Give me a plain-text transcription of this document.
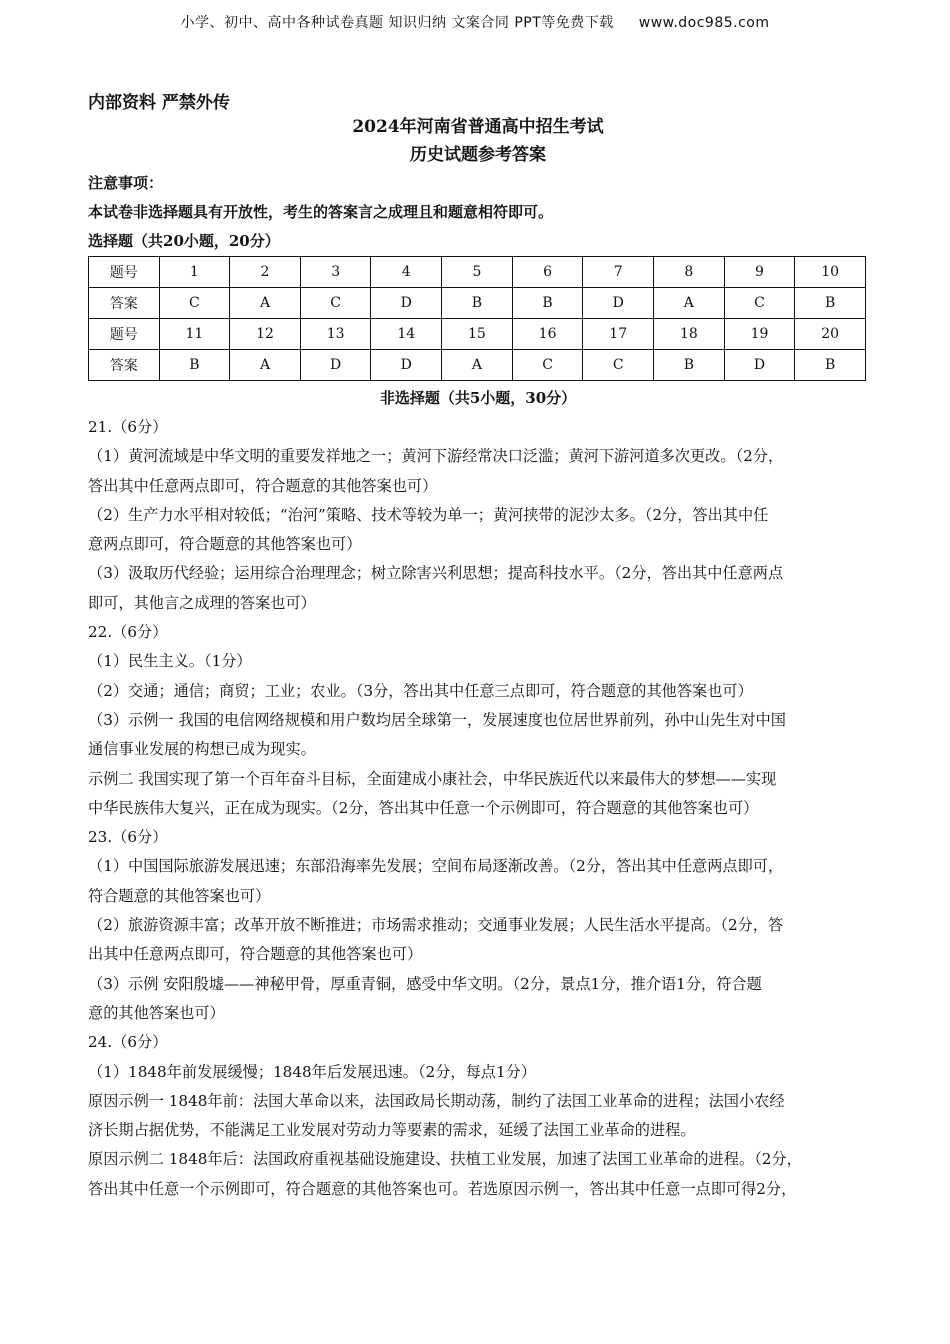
小学、初中、高中各种试卷真题 知识归纳 文案合同 PPT等免费下载 www.doc985.com

内部资料 严禁外传

2024年河南省普通高中招生考试
历史试题参考答案
注意事项：
本试卷非选择题具有开放性，考生的答案言之成理且和题意相符即可。
选择题（共20小题，20分）
题号	1	2	3	4	5	6	7	8	9	10
答案	C	A	C	D	B	B	D	A	C	B
题号	11	12	13	14	15	16	17	18	19	20
答案	B	A	D	D	A	C	C	B	D	B
非选择题（共5小题，30分）

21.（6分）

（1）黄河流域是中华文明的重要发祥地之一；黄河下游经常决口泛滥；黄河下游河道多次更改。（2分，

答出其中任意两点即可，符合题意的其他答案也可）

（2）生产力水平相对较低；“治河”策略、技术等较为单一；黄河挟带的泥沙太多。（2分，答出其中任

意两点即可，符合题意的其他答案也可）

（3）汲取历代经验；运用综合治理理念；树立除害兴利思想；提高科技水平。（2分，答出其中任意两点

即可，其他言之成理的答案也可）

22.（6分）

（1）民生主义。（1分）

（2）交通；通信；商贸；工业；农业。（3分，答出其中任意三点即可，符合题意的其他答案也可）

（3）示例一 我国的电信网络规模和用户数均居全球第一，发展速度也位居世界前列，孙中山先生对中国

通信事业发展的构想已成为现实。

示例二 我国实现了第一个百年奋斗目标，全面建成小康社会，中华民族近代以来最伟大的梦想——实现

中华民族伟大复兴，正在成为现实。（2分，答出其中任意一个示例即可，符合题意的其他答案也可）

23.（6分）

（1）中国国际旅游发展迅速；东部沿海率先发展；空间布局逐渐改善。（2分，答出其中任意两点即可，

符合题意的其他答案也可）

（2）旅游资源丰富；改革开放不断推进；市场需求推动；交通事业发展；人民生活水平提高。（2分，答

出其中任意两点即可，符合题意的其他答案也可）

（3）示例 安阳殷墟——神秘甲骨，厚重青铜，感受中华文明。（2分，景点1分，推介语1分，符合题

意的其他答案也可）

24.（6分）

（1）1848年前发展缓慢；1848年后发展迅速。（2分，每点1分）

原因示例一 1848年前：法国大革命以来，法国政局长期动荡，制约了法国工业革命的进程；法国小农经

济长期占据优势，不能满足工业发展对劳动力等要素的需求，延缓了法国工业革命的进程。

原因示例二 1848年后：法国政府重视基础设施建设、扶植工业发展，加速了法国工业革命的进程。（2分，

答出其中任意一个示例即可，符合题意的其他答案也可。若选原因示例一，答出其中任意一点即可得2分，
